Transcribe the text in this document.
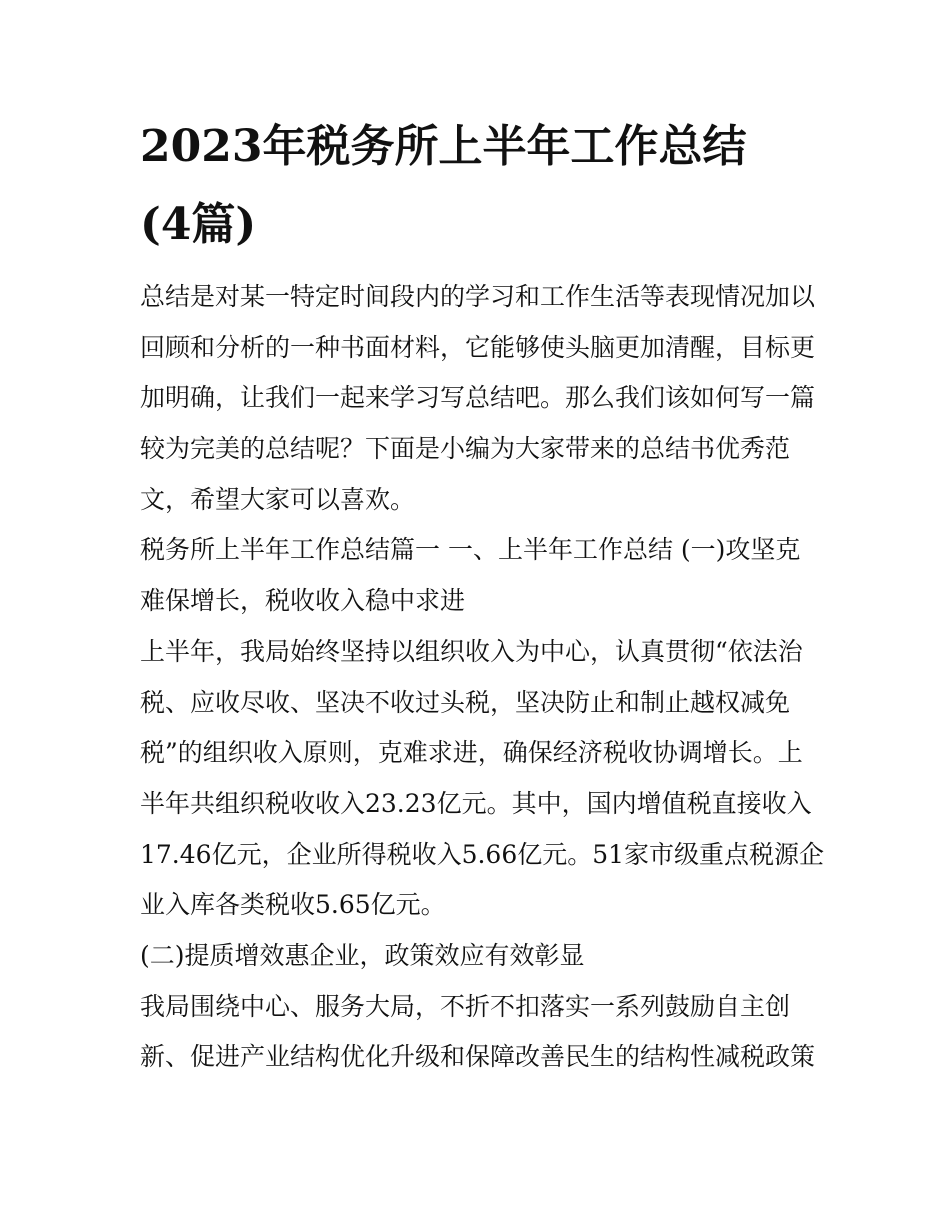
2023年税务所上半年工作总结
(4篇)
总结是对某一特定时间段内的学习和工作生活等表现情况加以
回顾和分析的一种书面材料，它能够使头脑更加清醒，目标更
加明确，让我们一起来学习写总结吧。那么我们该如何写一篇
较为完美的总结呢？下面是小编为大家带来的总结书优秀范
文，希望大家可以喜欢。
税务所上半年工作总结篇一 一、上半年工作总结 (一)攻坚克
难保增长，税收收入稳中求进
上半年，我局始终坚持以组织收入为中心，认真贯彻“依法治
税、应收尽收、坚决不收过头税，坚决防止和制止越权减免
税”的组织收入原则，克难求进，确保经济税收协调增长。上
半年共组织税收收入23.23亿元。其中，国内增值税直接收入
17.46亿元，企业所得税收入5.66亿元。51家市级重点税源企
业入库各类税收5.65亿元。
(二)提质增效惠企业，政策效应有效彰显
我局围绕中心、服务大局，不折不扣落实一系列鼓励自主创
新、促进产业结构优化升级和保障改善民生的结构性减税政策
